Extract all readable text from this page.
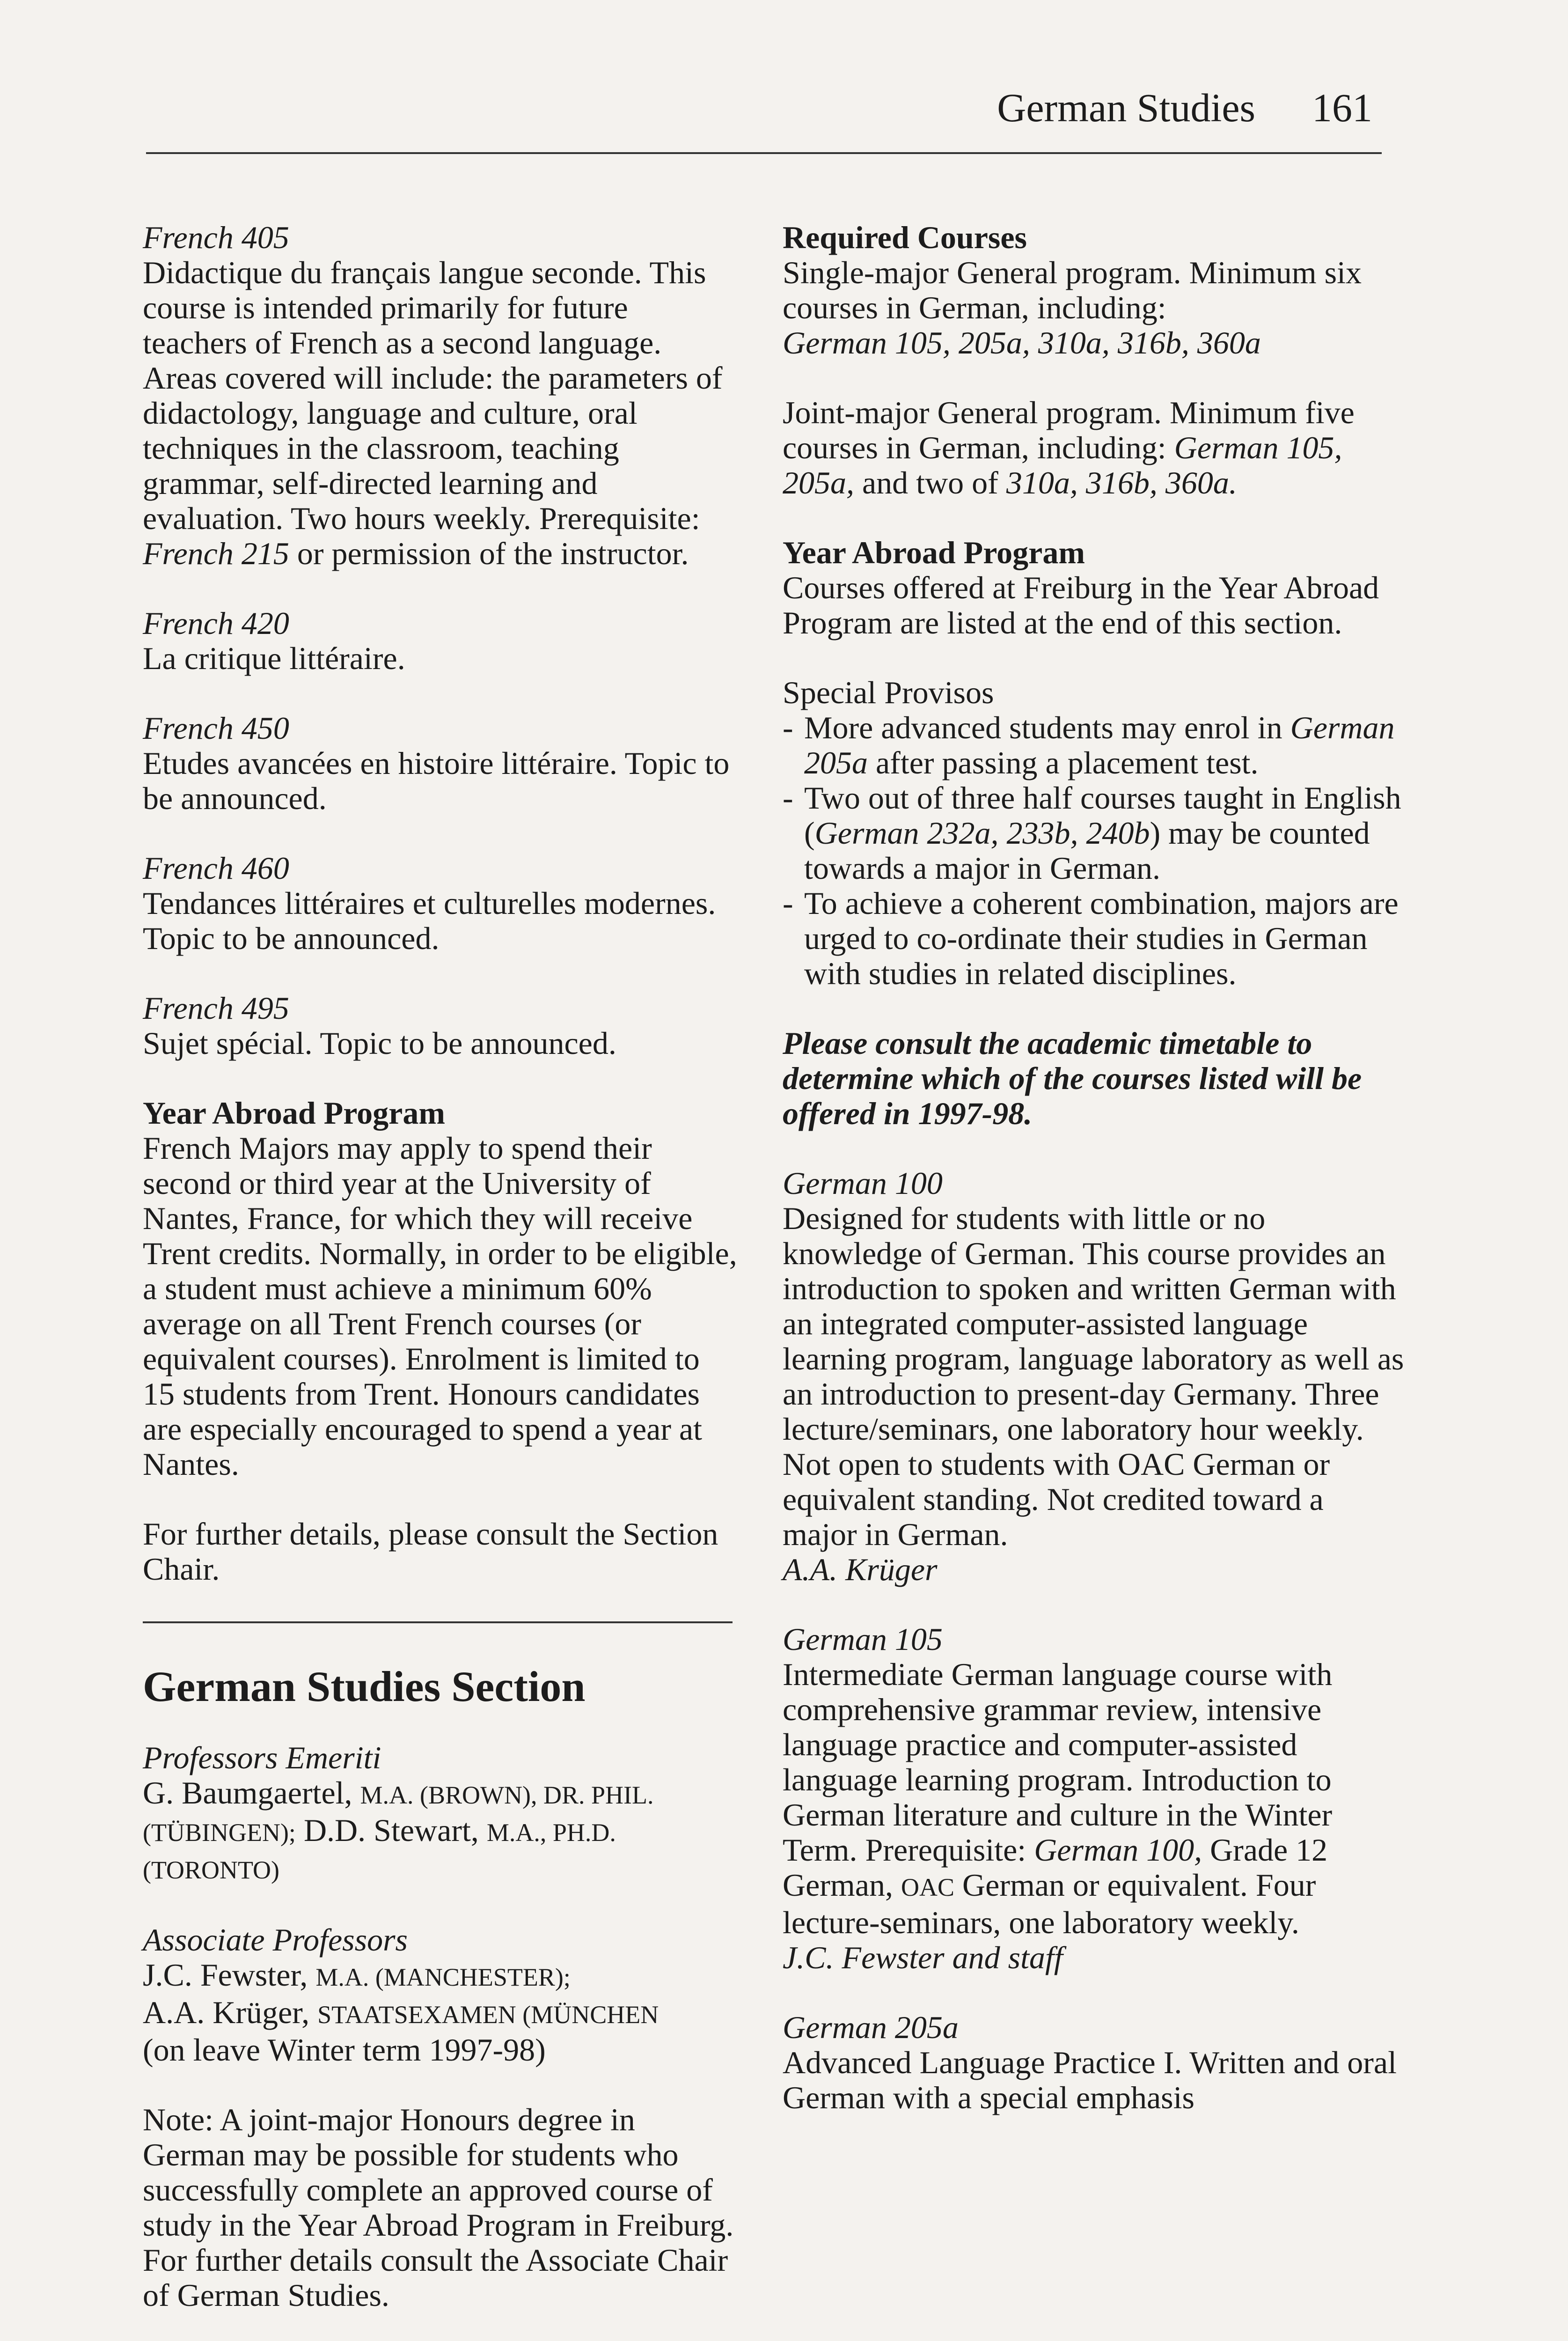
German Studies 161
French 405
Didactique du français langue seconde. This course is intended primarily for future teachers of French as a second language. Areas covered will include: the parameters of didactology, language and culture, oral techniques in the classroom, teaching grammar, self-directed learning and evaluation. Two hours weekly. Prerequisite: French 215 or permission of the instructor.
French 420
La critique littéraire.
French 450
Etudes avancées en histoire littéraire. Topic to be announced.
French 460
Tendances littéraires et culturelles modernes. Topic to be announced.
French 495
Sujet spécial. Topic to be announced.
Year Abroad Program
French Majors may apply to spend their second or third year at the University of Nantes, France, for which they will receive Trent credits. Normally, in order to be eligible, a student must achieve a minimum 60% average on all Trent French courses (or equivalent courses). Enrolment is limited to 15 students from Trent. Honours candidates are especially encouraged to spend a year at Nantes.
For further details, please consult the Section Chair.
German Studies Section
Professors Emeriti
G. Baumgaertel, M.A. (BROWN), DR. PHIL.
(TÜBINGEN); D.D. Stewart, M.A., PH.D.
(TORONTO)
Associate Professors
J.C. Fewster, M.A. (MANCHESTER);
A.A. Krüger, STAATSEXAMEN (MÜNCHEN
(on leave Winter term 1997-98)
Note: A joint-major Honours degree in German may be possible for students who successfully complete an approved course of study in the Year Abroad Program in Freiburg. For further details consult the Associate Chair of German Studies.
Required Courses
Single-major General program. Minimum six courses in German, including:
German 105, 205a, 310a, 316b, 360a
Joint-major General program. Minimum five courses in German, including: German 105, 205a, and two of 310a, 316b, 360a.
Year Abroad Program
Courses offered at Freiburg in the Year Abroad Program are listed at the end of this section.
Special Provisos
- More advanced students may enrol in German 205a after passing a placement test.
- Two out of three half courses taught in English (German 232a, 233b, 240b) may be counted towards a major in German.
- To achieve a coherent combination, majors are urged to co-ordinate their studies in German with studies in related disciplines.
Please consult the academic timetable to determine which of the courses listed will be offered in 1997-98.
German 100
Designed for students with little or no knowledge of German. This course provides an introduction to spoken and written German with an integrated computer-assisted language learning program, language laboratory as well as an introduction to present-day Germany. Three lecture/seminars, one laboratory hour weekly. Not open to students with OAC German or equivalent standing. Not credited toward a major in German.
A.A. Krüger
German 105
Intermediate German language course with comprehensive grammar review, intensive language practice and computer-assisted language learning program. Introduction to German literature and culture in the Winter Term. Prerequisite: German 100, Grade 12 German, OAC German or equivalent. Four lecture-seminars, one laboratory weekly.
J.C. Fewster and staff
German 205a
Advanced Language Practice I. Written and oral German with a special emphasis
